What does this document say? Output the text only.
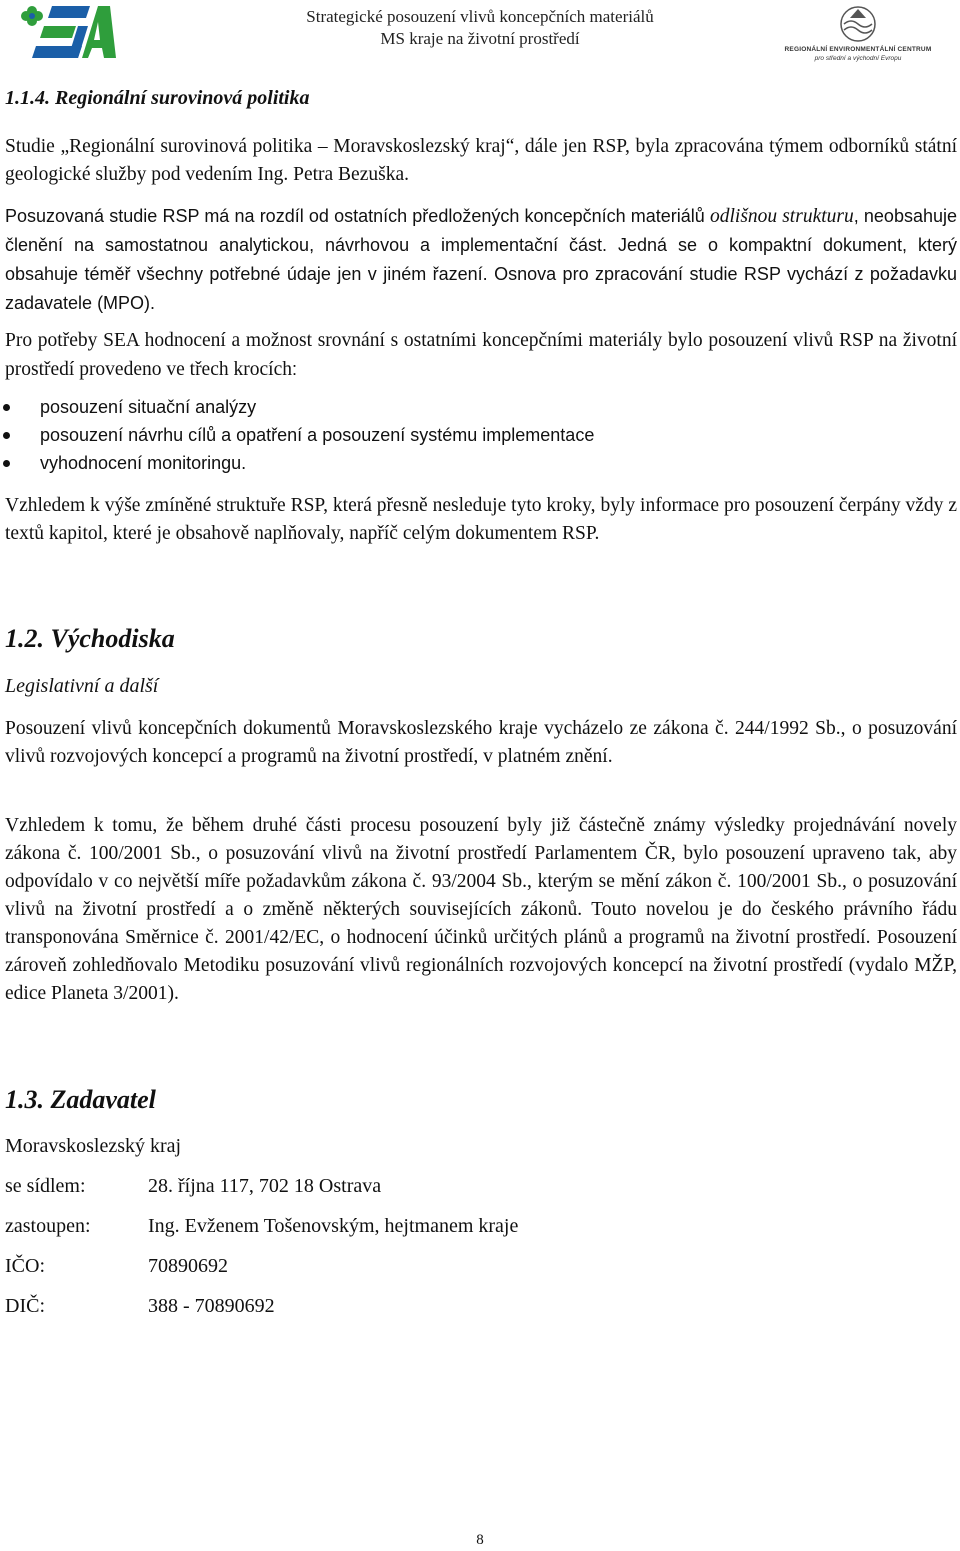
Strategické posouzení vlivů koncepčních materiálů
MS kraje na životní prostředí
REGIONÁLNÍ ENVIRONMENTÁLNÍ CENTRUM
pro střední a východní Evropu
1.1.4. Regionální surovinová politika
Studie „Regionální surovinová politika – Moravskoslezský kraj“, dále jen RSP, byla zpracována týmem odborníků státní geologické služby pod vedením Ing. Petra Bezuška.
Posuzovaná studie RSP má na rozdíl od ostatních předložených koncepčních materiálů odlišnou strukturu, neobsahuje členění na samostatnou analytickou, návrhovou a implementační část. Jedná se o kompaktní dokument, který obsahuje téměř všechny potřebné údaje jen v jiném řazení. Osnova pro zpracování studie RSP vychází z požadavku zadavatele (MPO).
Pro potřeby SEA hodnocení a možnost srovnání s ostatními koncepčními materiály bylo posouzení vlivů RSP na životní prostředí provedeno ve třech krocích:
posouzení situační analýzy
posouzení návrhu cílů a opatření a posouzení systému implementace
vyhodnocení monitoringu.
Vzhledem k výše zmíněné struktuře RSP, která přesně nesleduje tyto kroky, byly informace pro posouzení čerpány vždy z textů kapitol, které je obsahově naplňovaly, napříč celým dokumentem RSP.
1.2. Východiska
Legislativní a další
Posouzení vlivů koncepčních dokumentů Moravskoslezského kraje vycházelo ze zákona č. 244/1992 Sb., o posuzování vlivů rozvojových koncepcí a programů na životní prostředí, v platném znění.
Vzhledem k tomu, že během druhé části procesu posouzení byly již částečně známy výsledky projednávání novely zákona č. 100/2001 Sb., o posuzování vlivů na životní prostředí Parlamentem ČR, bylo posouzení upraveno tak, aby odpovídalo v co největší míře požadavkům zákona č. 93/2004 Sb., kterým se mění zákon č. 100/2001 Sb., o posuzování vlivů na životní prostředí a o změně některých souvisejících zákonů. Touto novelou je do českého právního řádu transponována Směrnice č. 2001/42/EC, o hodnocení účinků určitých plánů a programů na životní prostředí. Posouzení zároveň zohledňovalo Metodiku posuzování vlivů regionálních rozvojových koncepcí na životní prostředí (vydalo MŽP, edice Planeta 3/2001).
1.3. Zadavatel
Moravskoslezský kraj
se sídlem:	28. října 117, 702 18 Ostrava
zastoupen:	Ing. Evženem Tošenovským, hejtmanem kraje
IČO:	70890692
DIČ:	388 - 70890692
8
